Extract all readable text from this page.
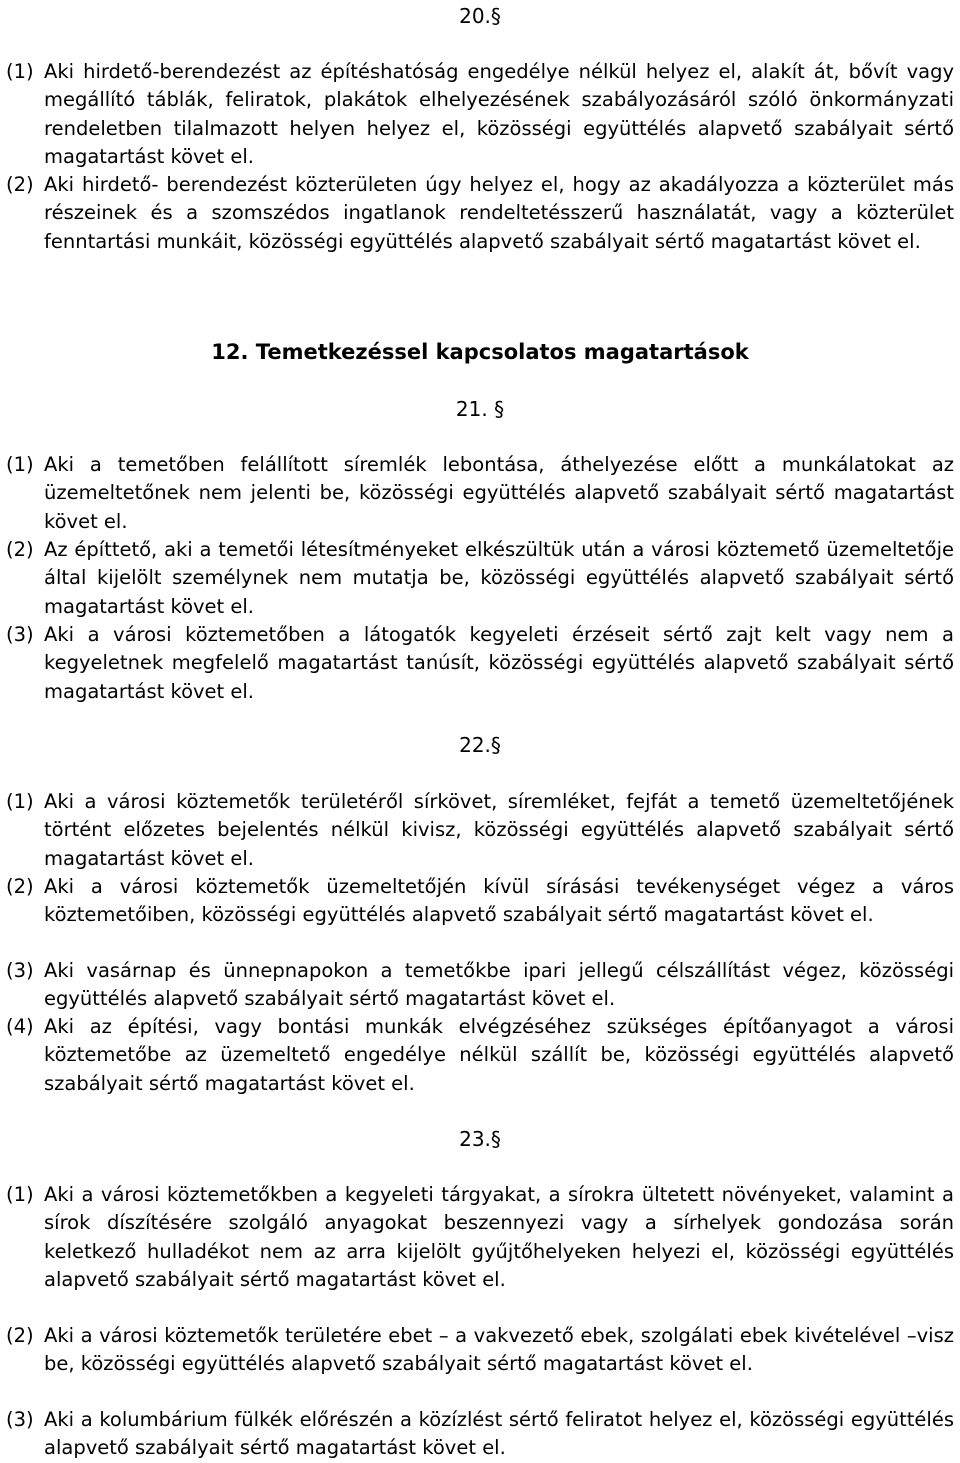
20.§
(1) Aki hirdető-berendezést az építéshatóság engedélye nélkül helyez el, alakít át, bővít vagy megállító táblák, feliratok, plakátok elhelyezésének szabályozásáról szóló önkormányzati rendeletben tilalmazott helyen helyez el, közösségi együttélés alapvető szabályait sértő magatartást követ el.
(2) Aki hirdető- berendezést közterületen úgy helyez el, hogy az akadályozza a közterület más részeinek és a szomszédos ingatlanok rendeltetésszerű használatát, vagy a közterület fenntartási munkáit, közösségi együttélés alapvető szabályait sértő magatartást követ el.
12. Temetkezéssel kapcsolatos magatartások
21. §
(1) Aki a temetőben felállított síremlék lebontása, áthelyezése előtt a munkálatokat az üzemeltetőnek nem jelenti be, közösségi együttélés alapvető szabályait sértő magatartást követ el.
(2) Az építtető, aki a temetői létesítményeket elkészültük után a városi köztemető üzemeltetője által kijelölt személynek nem mutatja be, közösségi együttélés alapvető szabályait sértő magatartást követ el.
(3) Aki a városi köztemetőben a látogatók kegyeleti érzéseit sértő zajt kelt vagy nem a kegyeletnek megfelelő magatartást tanúsít, közösségi együttélés alapvető szabályait sértő magatartást követ el.
22.§
(1) Aki a városi köztemetők területéről sírkövet, síremléket, fejfát a temető üzemeltetőjének történt előzetes bejelentés nélkül kivisz, közösségi együttélés alapvető szabályait sértő magatartást követ el.
(2) Aki a városi köztemetők üzemeltetőjén kívül sírásási tevékenységet végez a város köztemetőiben, közösségi együttélés alapvető szabályait sértő magatartást követ el.
(3) Aki vasárnap és ünnepnapokon a temetőkbe ipari jellegű célszállítást végez, közösségi együttélés alapvető szabályait sértő magatartást követ el.
(4) Aki az építési, vagy bontási munkák elvégzéséhez szükséges építőanyagot a városi köztemetőbe az üzemeltető engedélye nélkül szállít be, közösségi együttélés alapvető szabályait sértő magatartást követ el.
23.§
(1) Aki a városi köztemetőkben a kegyeleti tárgyakat, a sírokra ültetett növényeket, valamint a sírok díszítésére szolgáló anyagokat beszennyezi vagy a sírhelyek gondozása során keletkező hulladékot nem az arra kijelölt gyűjtőhelyeken helyezi el, közösségi együttélés alapvető szabályait sértő magatartást követ el.
(2) Aki a városi köztemetők területére ebet – a vakvezető ebek, szolgálati ebek kivételével –visz be, közösségi együttélés alapvető szabályait sértő magatartást követ el.
(3) Aki a kolumbárium fülkék előrészén a közízlést sértő feliratot helyez el, közösségi együttélés alapvető szabályait sértő magatartást követ el.
